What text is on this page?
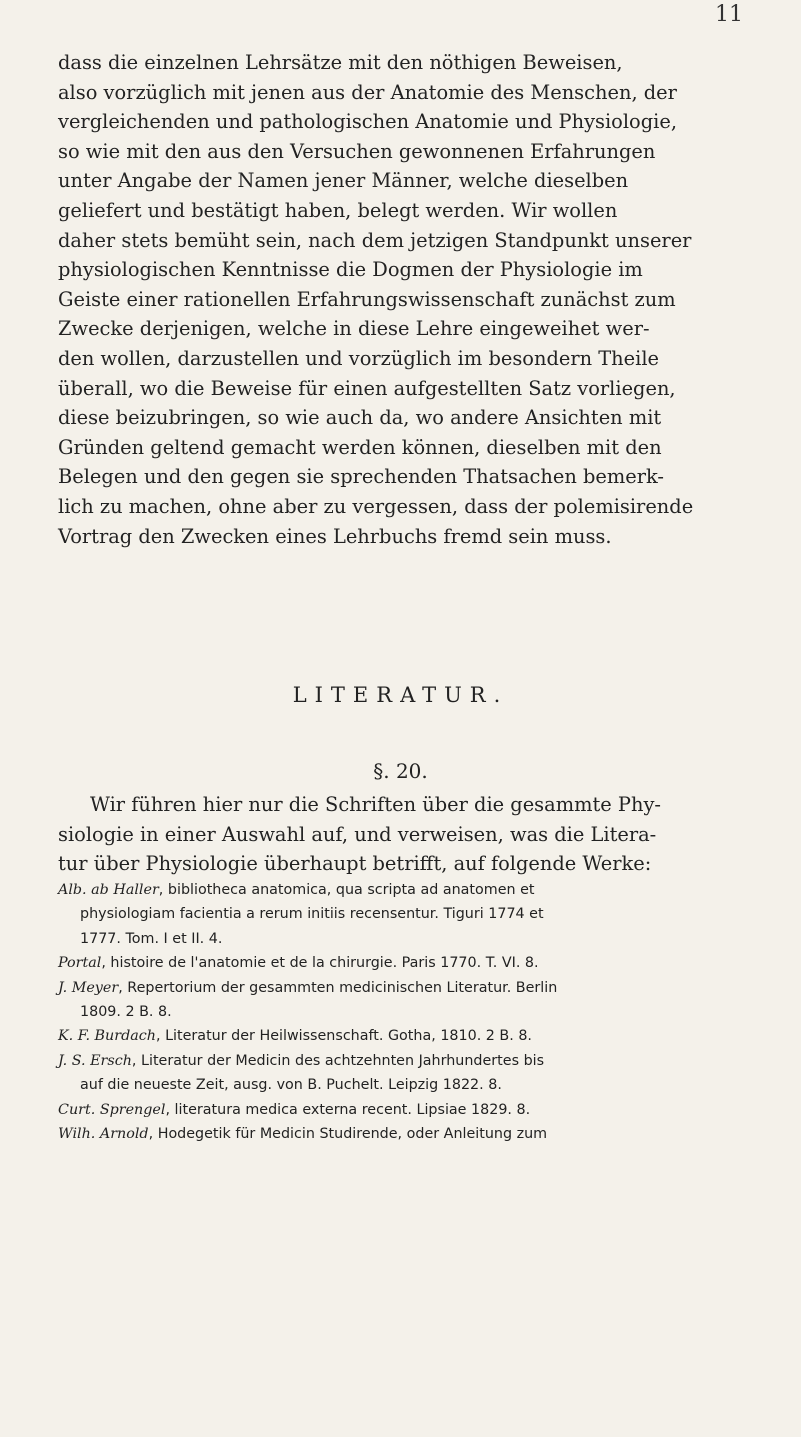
11
dass die einzelnen Lehrsätze mit den nöthigen Beweisen,
also vorzüglich mit jenen aus der Anatomie des Menschen, der
vergleichenden und pathologischen Anatomie und Physiologie,
so wie mit den aus den Versuchen gewonnenen Erfahrungen
unter Angabe der Namen jener Männer, welche dieselben
geliefert und bestätigt haben, belegt werden. Wir wollen
daher stets bemüht sein, nach dem jetzigen Standpunkt unserer
physiologischen Kenntnisse die Dogmen der Physiologie im
Geiste einer rationellen Erfahrungswissenschaft zunächst zum
Zwecke derjenigen, welche in diese Lehre eingeweihet wer-
den wollen, darzustellen und vorzüglich im besondern Theile
überall, wo die Beweise für einen aufgestellten Satz vorliegen,
diese beizubringen, so wie auch da, wo andere Ansichten mit
Gründen geltend gemacht werden können, dieselben mit den
Belegen und den gegen sie sprechenden Thatsachen bemerk-
lich zu machen, ohne aber zu vergessen, dass der polemisirende
Vortrag den Zwecken eines Lehrbuchs fremd sein muss.
LITERATUR.
§. 20.
Wir führen hier nur die Schriften über die gesammte Phy-
siologie in einer Auswahl auf, und verweisen, was die Litera-
tur über Physiologie überhaupt betrifft, auf folgende Werke:
Alb. ab Haller, bibliotheca anatomica, qua scripta ad anatomen et
physiologiam facientia a rerum initiis recensentur. Tiguri 1774 et
1777. Tom. I et II. 4.
Portal, histoire de l'anatomie et de la chirurgie. Paris 1770. T. VI. 8.
J. Meyer, Repertorium der gesammten medicinischen Literatur. Berlin
1809. 2 B. 8.
K. F. Burdach, Literatur der Heilwissenschaft. Gotha, 1810. 2 B. 8.
J. S. Ersch, Literatur der Medicin des achtzehnten Jahrhundertes bis
auf die neueste Zeit, ausg. von B. Puchelt. Leipzig 1822. 8.
Curt. Sprengel, literatura medica externa recent. Lipsiae 1829. 8.
Wilh. Arnold, Hodegetik für Medicin Studirende, oder Anleitung zum
